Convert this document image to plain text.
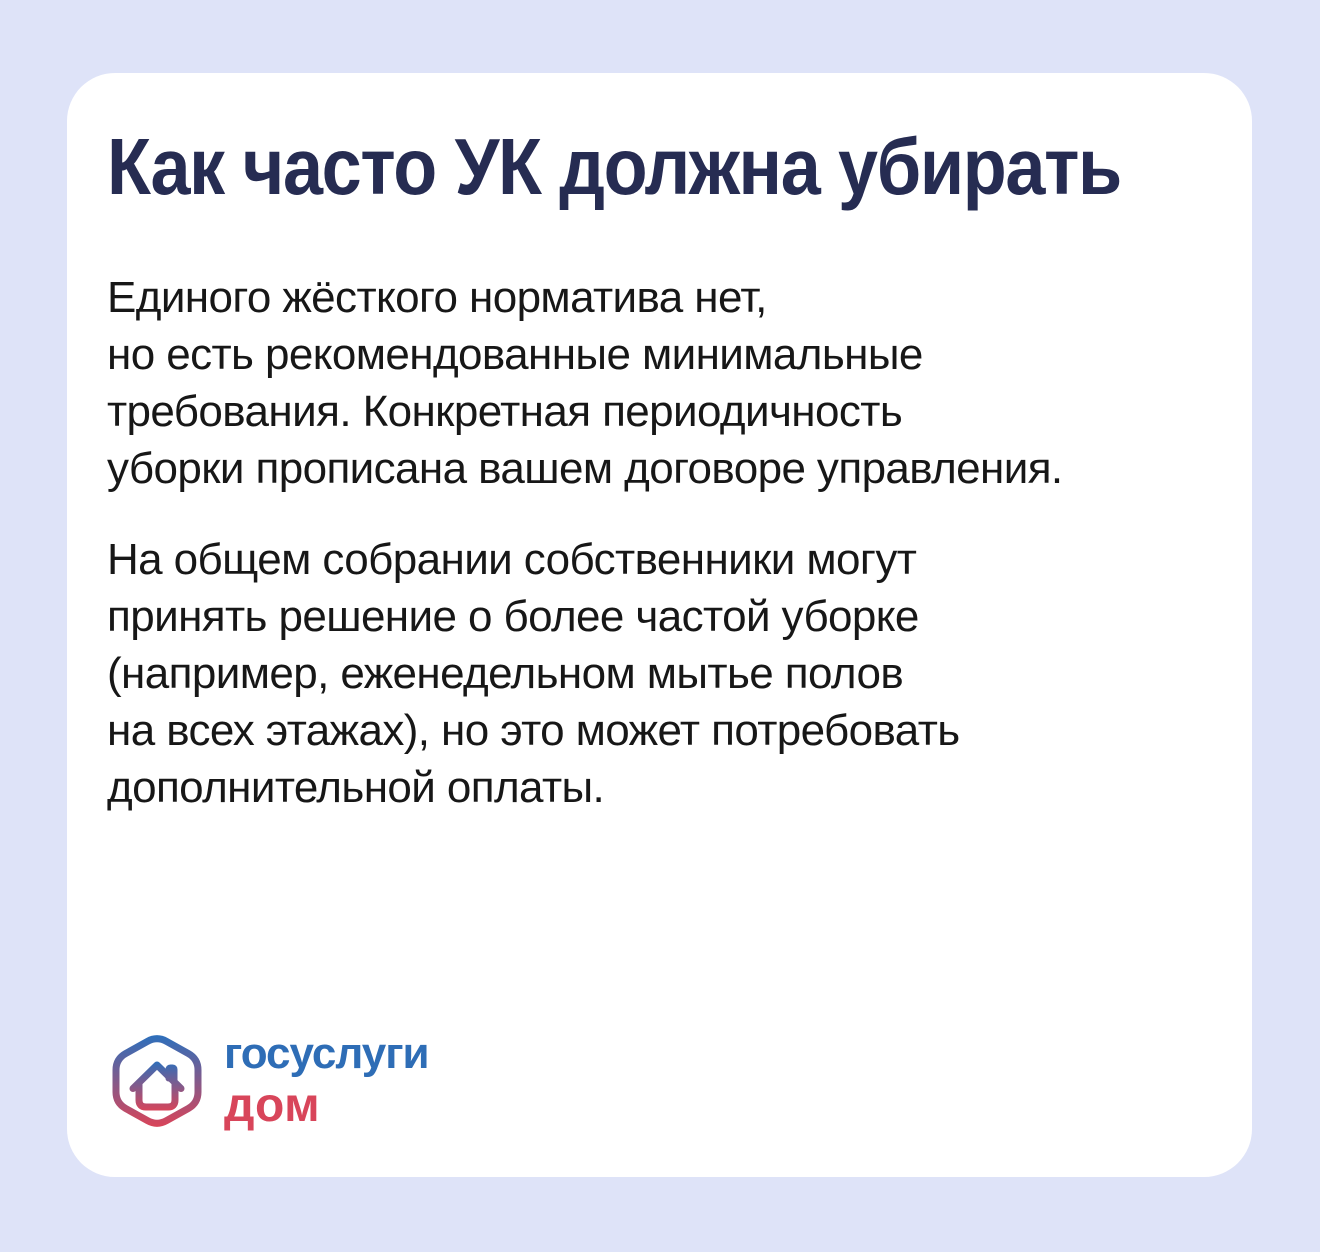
Как часто УК должна убирать
Единого жёсткого норматива нет,
но есть рекомендованные минимальные
требования. Конкретная периодичность
уборки прописана вашем договоре управления.
На общем собрании собственники могут
принять решение о более частой уборке
(например, еженедельном мытье полов
на всех этажах), но это может потребовать
дополнительной оплаты.
госуслуги
дом
